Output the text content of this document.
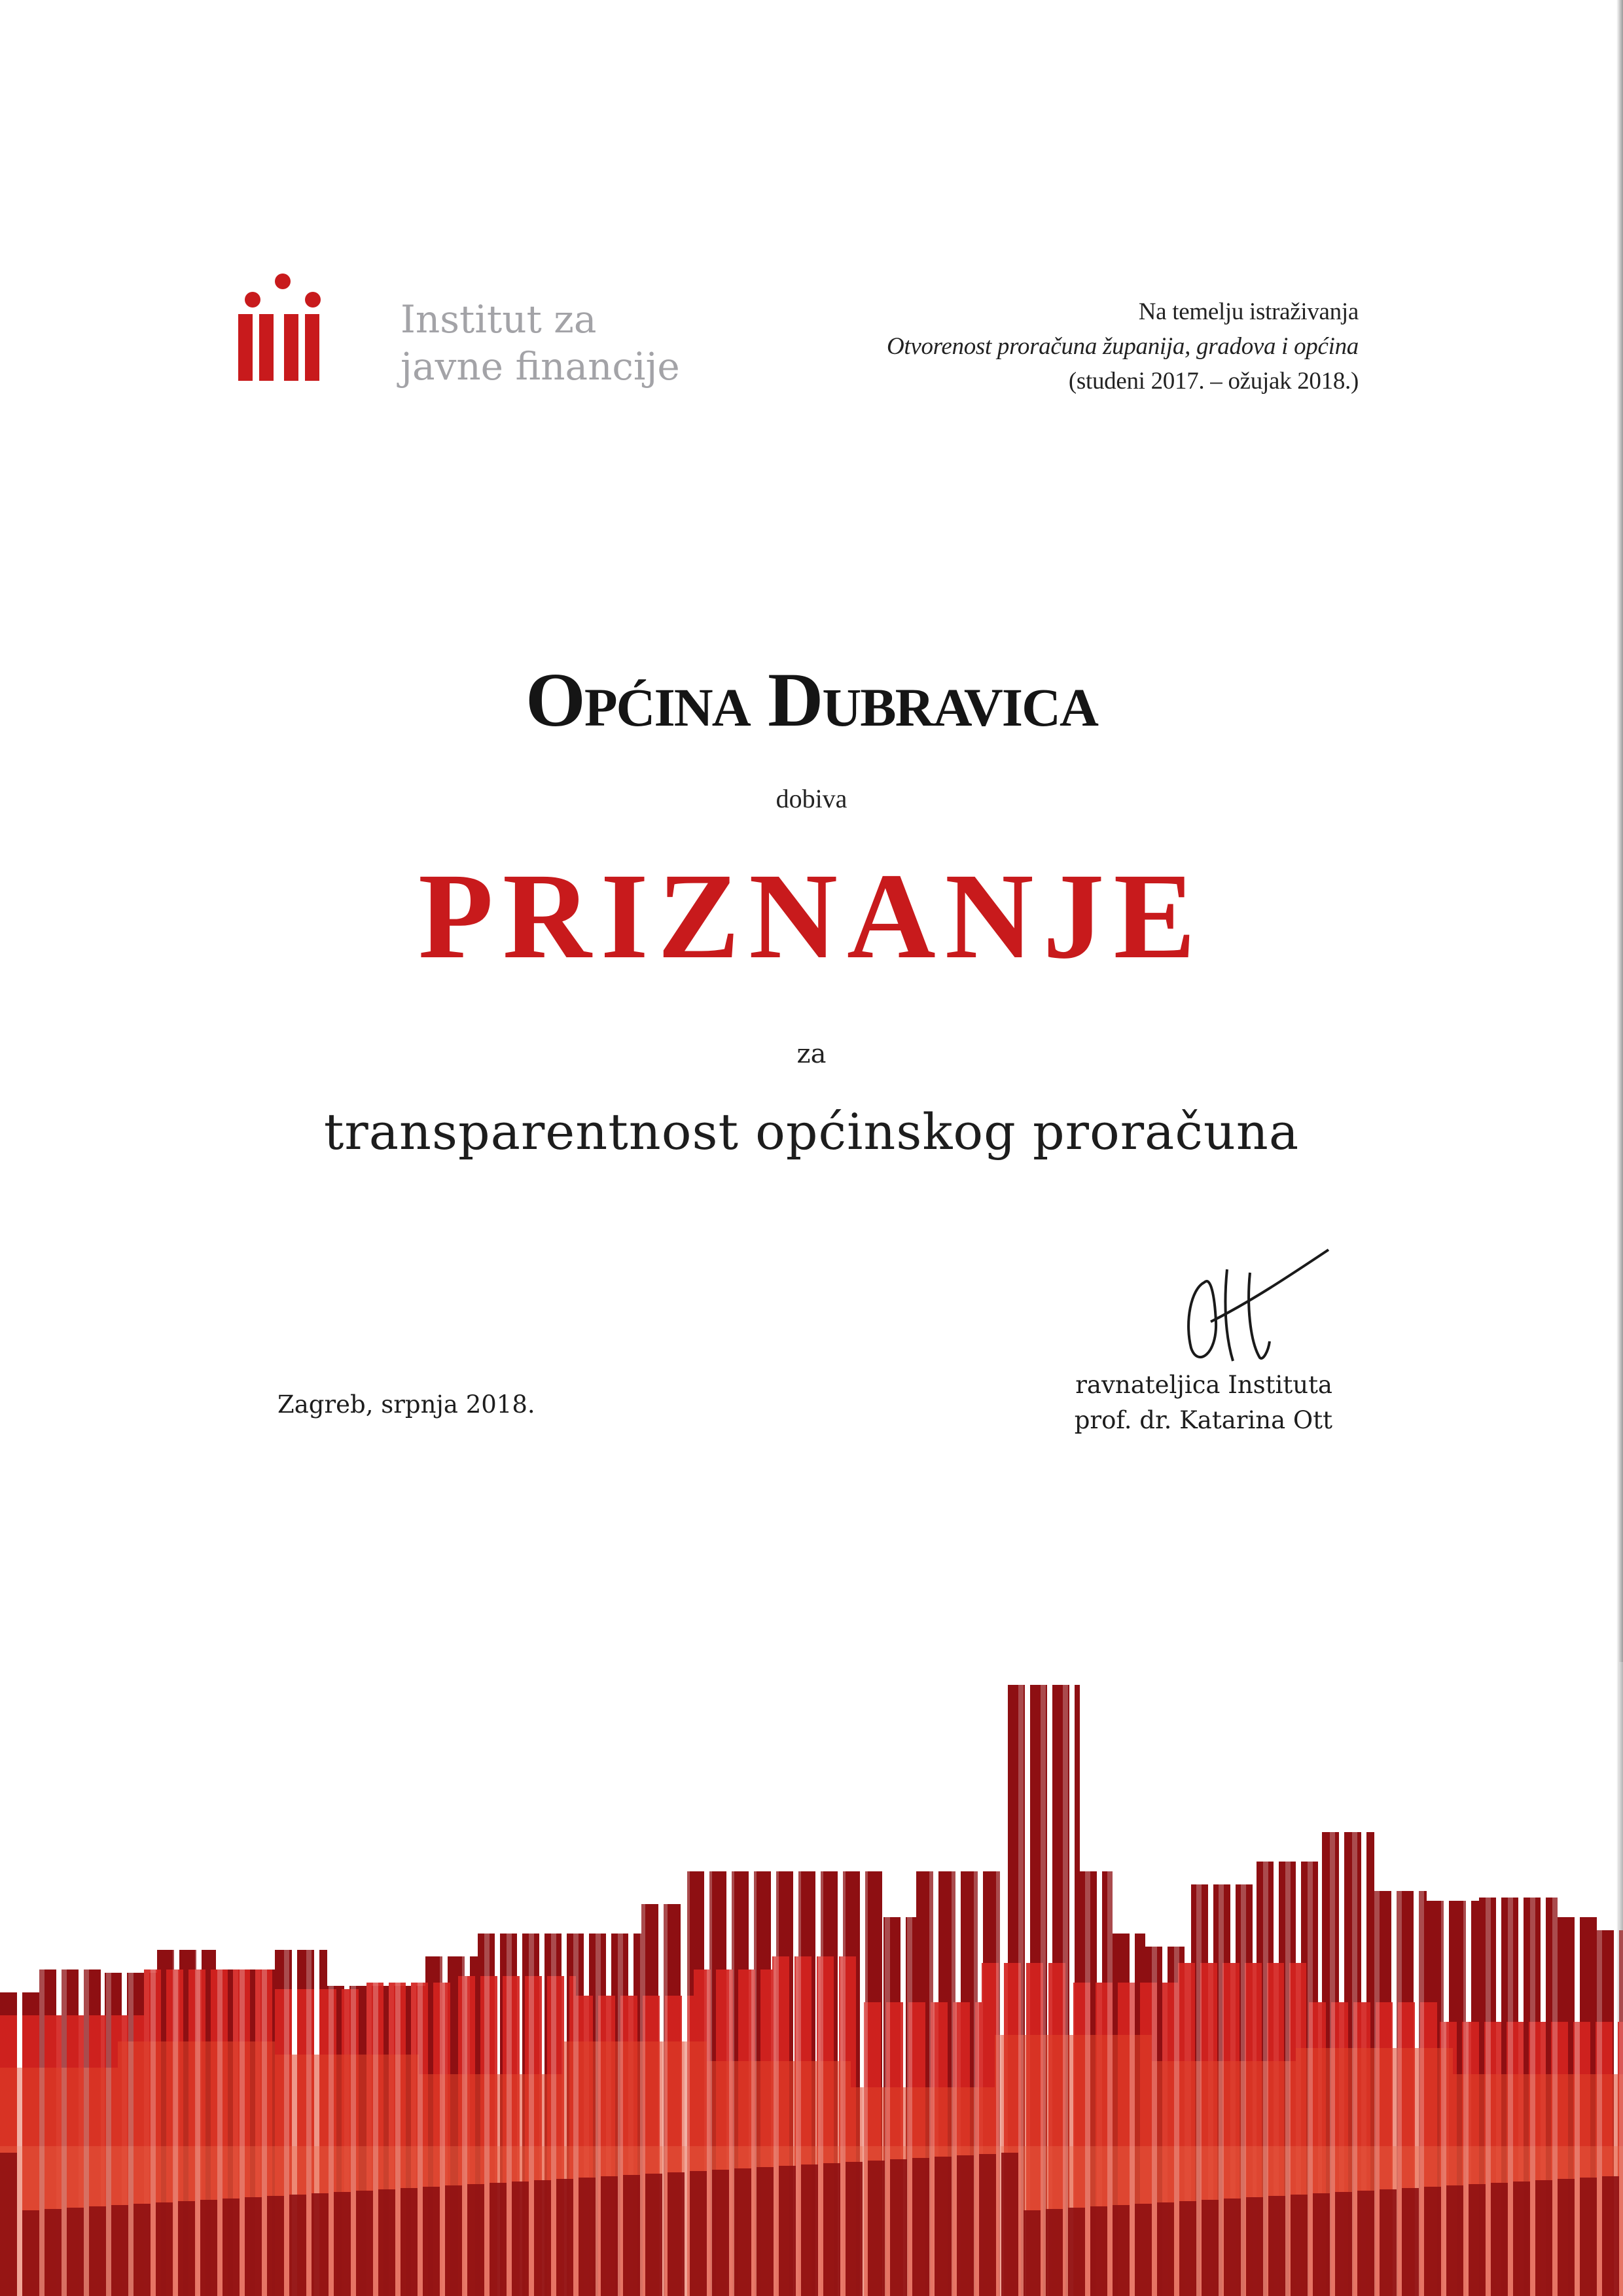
Institut za
javne financije
Na temelju istraživanja
Otvorenost proračuna županija, gradova i općina
(studeni 2017. – ožujak 2018.)
Općina Dubravica
dobiva
PRIZNANJE
za
transparentnost općinskog proračuna
Zagreb, srpnja 2018.
ravnateljica Instituta
prof. dr. Katarina Ott
